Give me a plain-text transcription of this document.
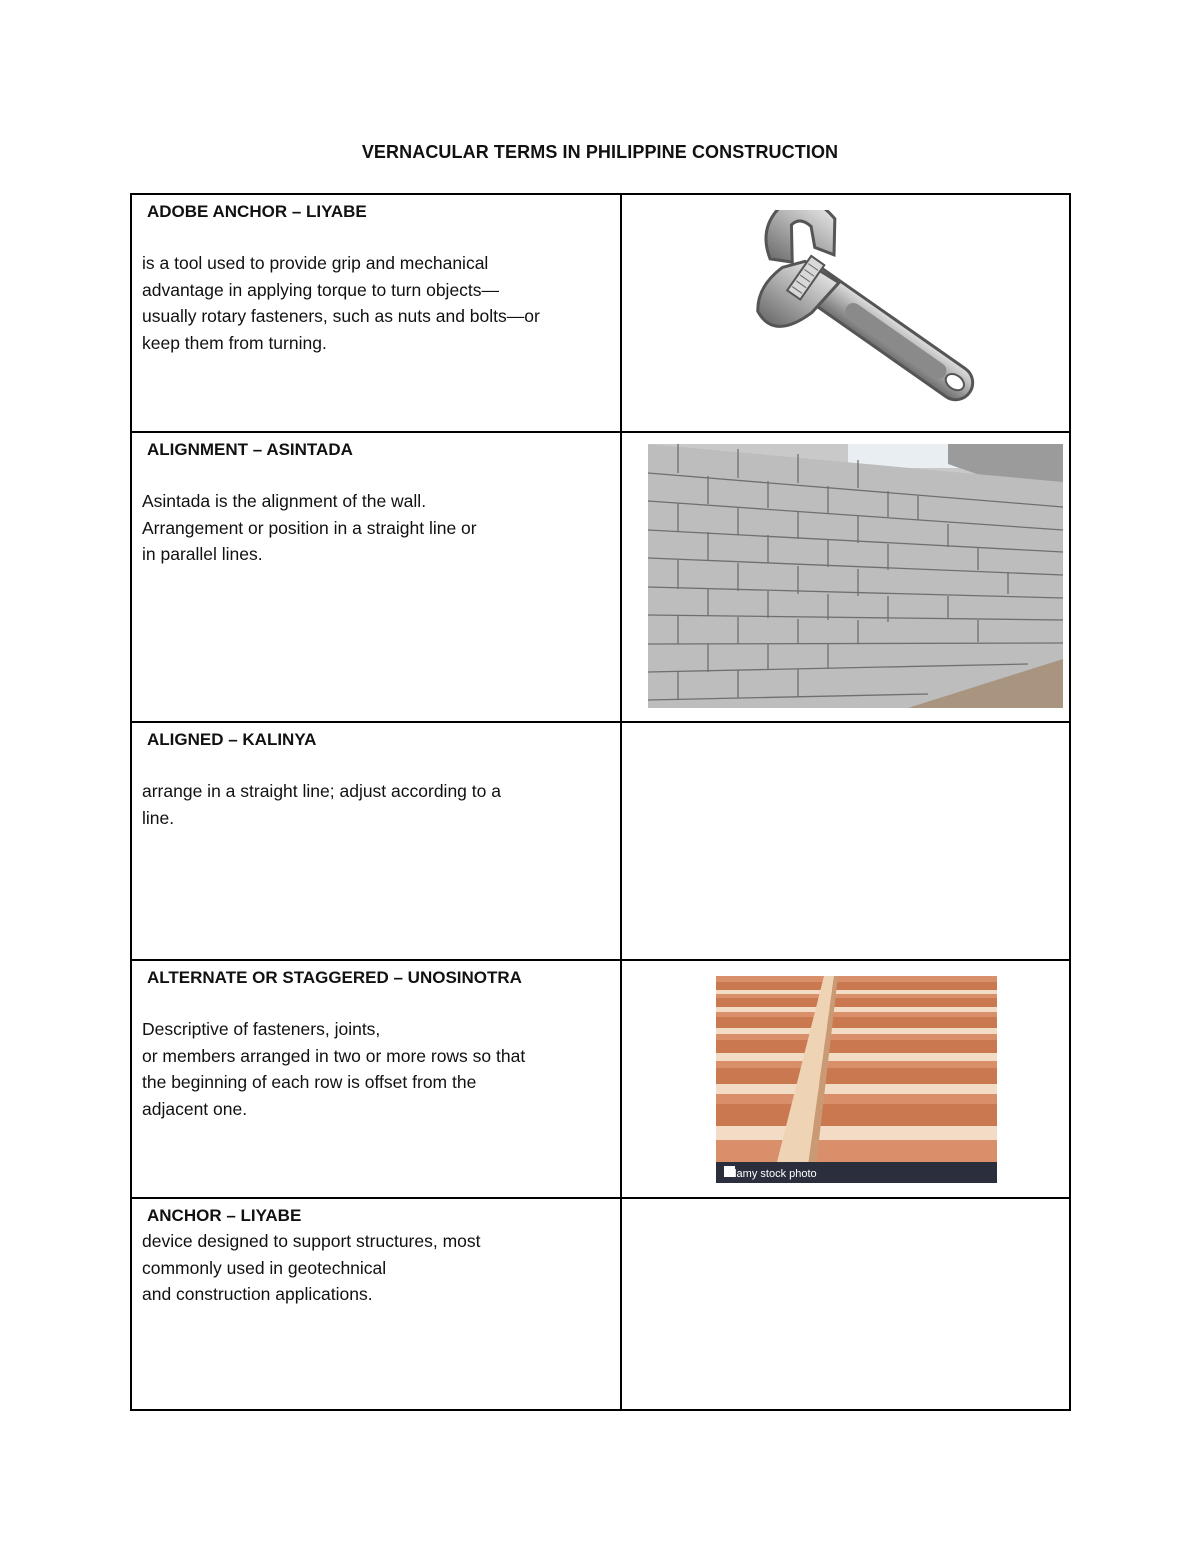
VERNACULAR TERMS IN PHILIPPINE CONSTRUCTION
ADOBE ANCHOR – LIYABE
is a tool used to provide grip and mechanical
advantage in applying torque to turn objects—
usually rotary fasteners, such as nuts and bolts—or
keep them from turning.

ALIGNMENT – ASINTADA
Asintada is the alignment of the wall.
Arrangement or position in a straight line or
in parallel lines.

ALIGNED – KALINYA
arrange in a straight line; adjust according to a
line.	

ALTERNATE OR STAGGERED – UNOSINOTRA
Descriptive of fasteners, joints,
or members arranged in two or more rows so that
the beginning of each row is offset from the
adjacent one.	alamy stock photo

ANCHOR – LIYABE
device designed to support structures, most
commonly used in geotechnical
and construction applications.	
